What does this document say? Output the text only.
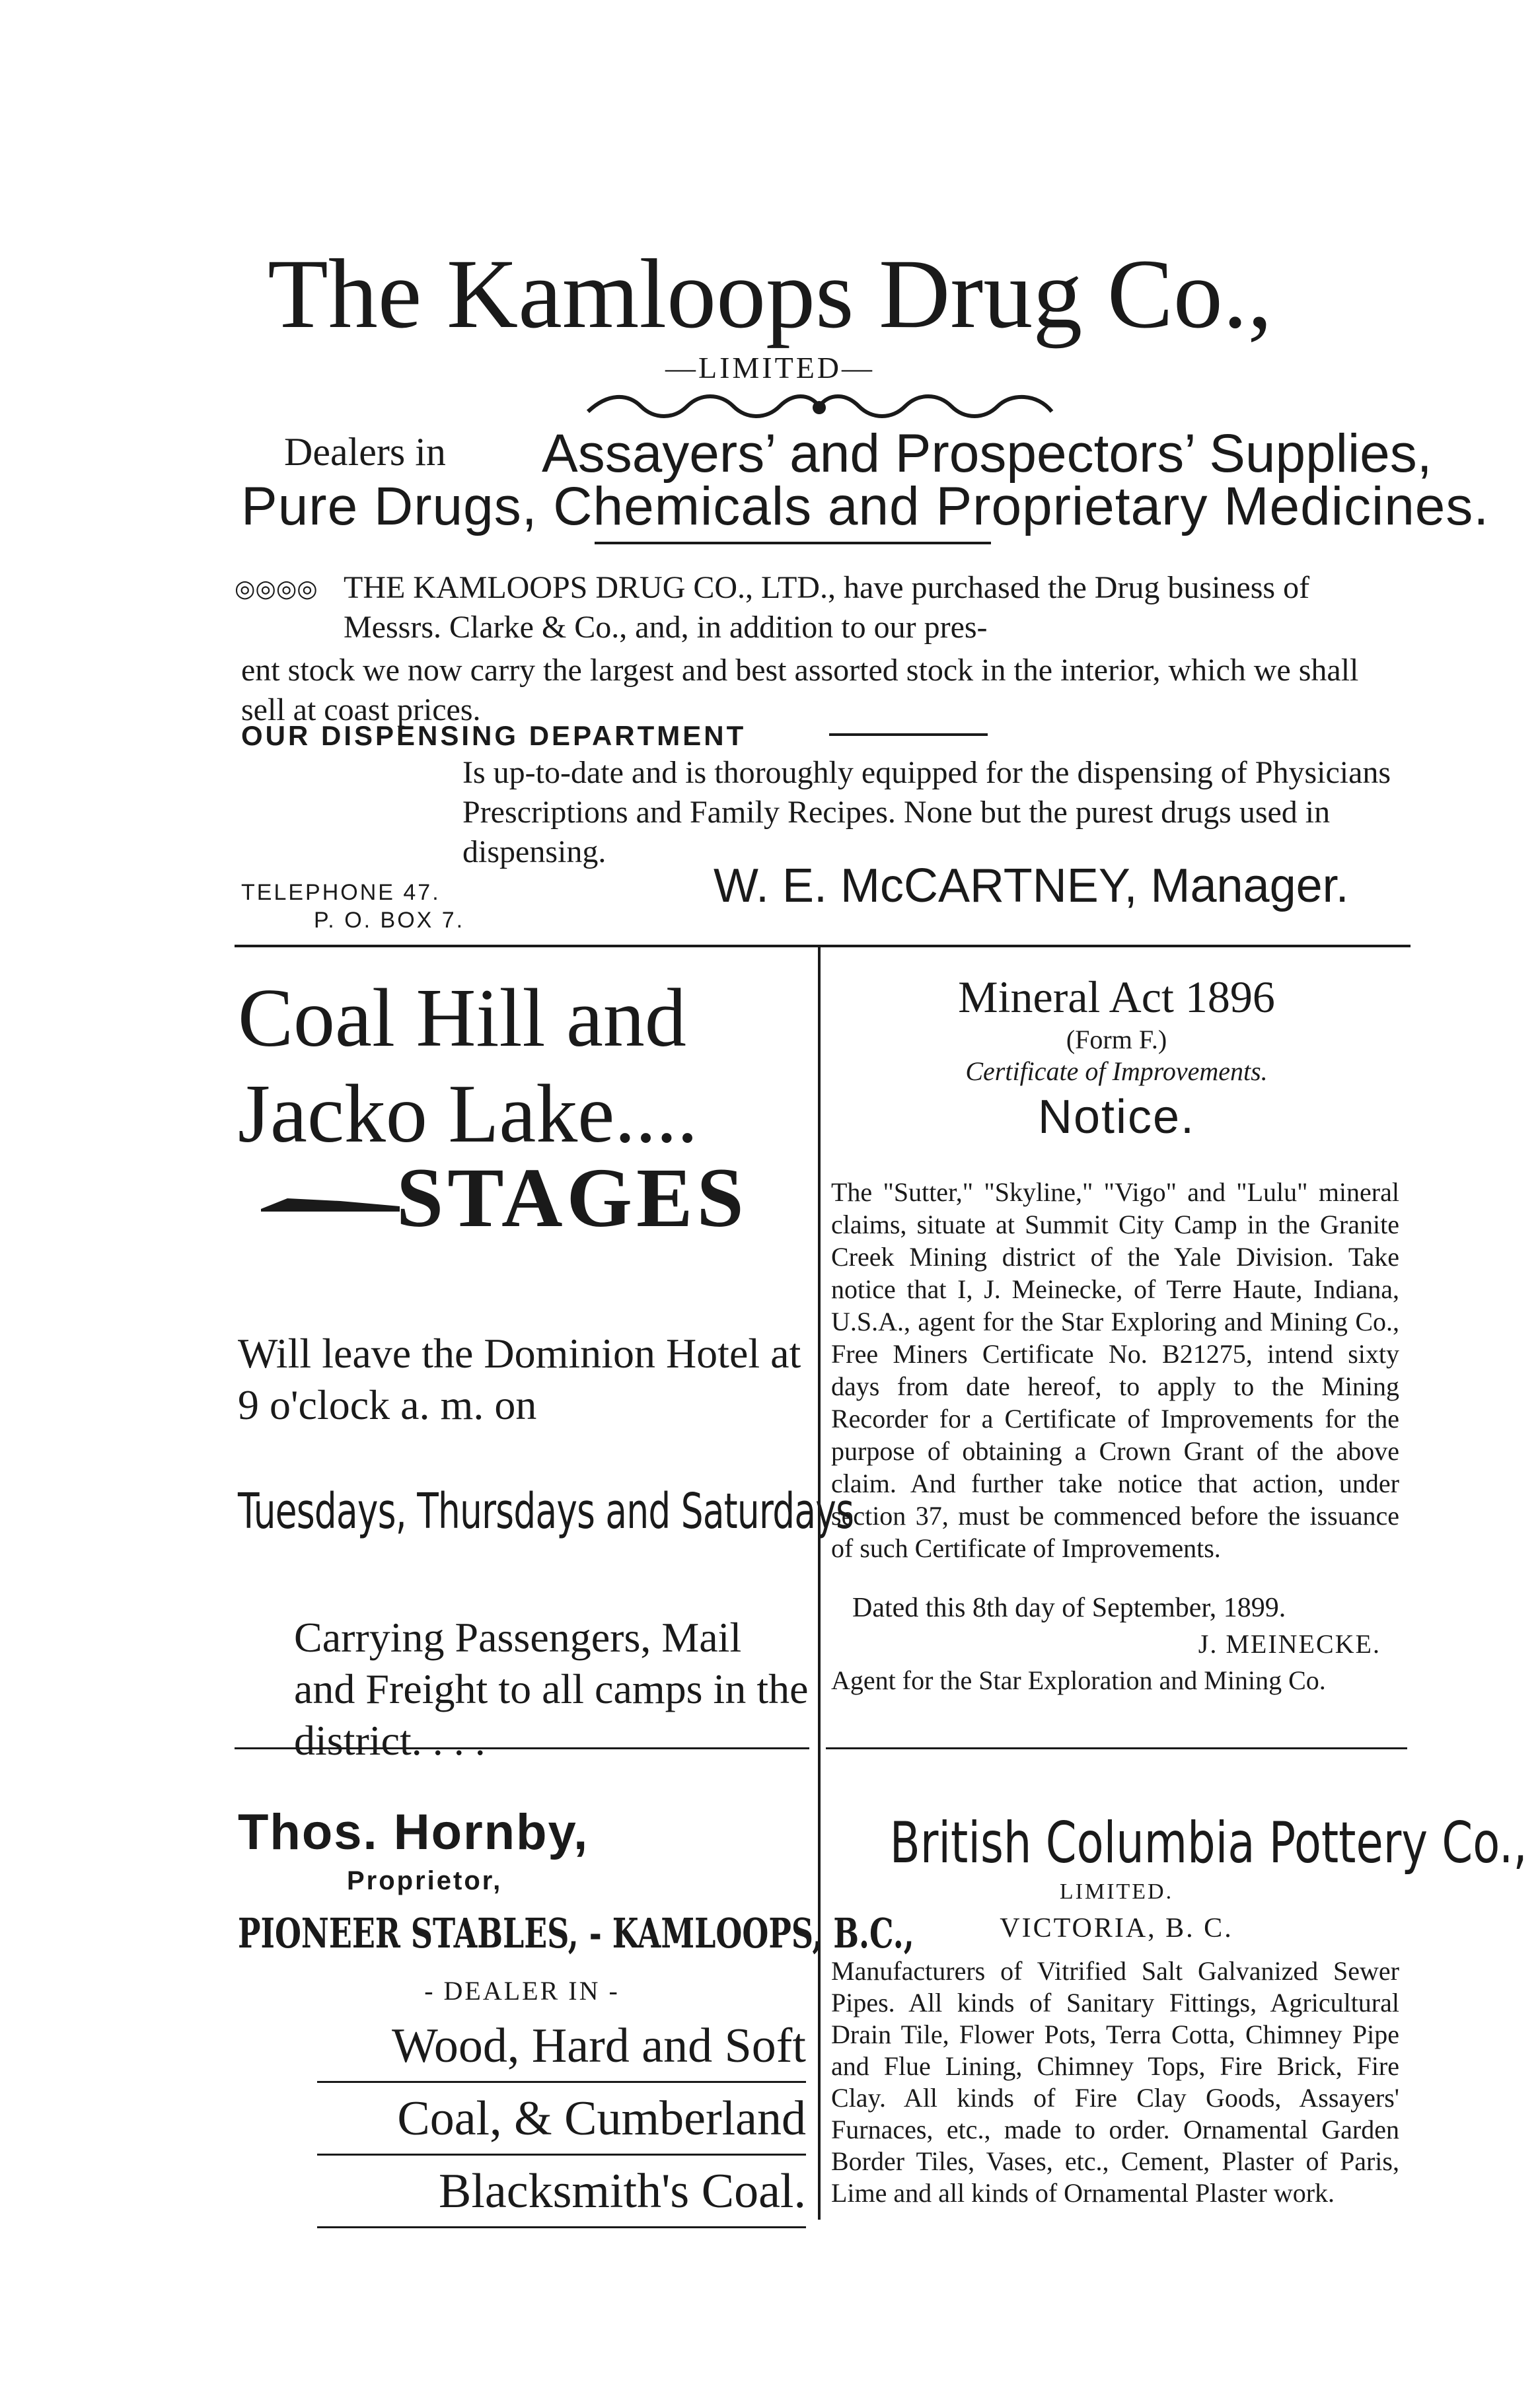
The Kamloops Drug Co.,
—LIMITED—
Dealers in Assayers’ and Prospectors’ Supplies,
Pure Drugs, Chemicals and Proprietary Medicines.
◎◎◎◎ THE KAMLOOPS DRUG CO., LTD., have purchased the Drug business of Messrs. Clarke & Co., and, in addition to our pres-
ent stock we now carry the largest and best assorted stock in the interior, which we shall sell at coast prices.
OUR DISPENSING DEPARTMENT
Is up-to-date and is thoroughly equipped for the dispensing of Physicians Prescriptions and Family Recipes. None but the purest drugs used in dispensing.
TELEPHONE 47.
P. O. BOX 7.
W. E. McCARTNEY, Manager.
Coal Hill and
Jacko Lake....
STAGES
Will leave the Dominion Hotel at 9 o'clock a. m. on
Tuesdays, Thursdays and Saturdays
Carrying Passengers, Mail and Freight to all camps in the district. . . .
Mineral Act 1896
(Form F.)
Certificate of Improvements.
Notice.
The "Sutter," "Skyline," "Vigo" and "Lulu" mineral claims, situate at Summit City Camp in the Granite Creek Mining district of the Yale Division. Take notice that I, J. Meinecke, of Terre Haute, Indiana, U.S.A., agent for the Star Exploring and Mining Co., Free Miners Certificate No. B21275, intend sixty days from date hereof, to apply to the Mining Recorder for a Certificate of Improvements for the purpose of obtaining a Crown Grant of the above claim. And further take notice that action, under section 37, must be commenced before the issuance of such Certificate of Improvements.
Dated this 8th day of September, 1899.
J. MEINECKE.
Agent for the Star Exploration and Mining Co.
Thos. Hornby,
Proprietor,
PIONEER STABLES, - KAMLOOPS, B.C.,
- DEALER IN -
Wood, Hard and Soft
Coal, & Cumberland
Blacksmith's Coal.
British Columbia Pottery Co.,
LIMITED.
VICTORIA, B. C.
Manufacturers of Vitrified Salt Galvanized Sewer Pipes. All kinds of Sanitary Fittings, Agricultural Drain Tile, Flower Pots, Terra Cotta, Chimney Pipe and Flue Lining, Chimney Tops, Fire Brick, Fire Clay. All kinds of Fire Clay Goods, Assayers' Furnaces, etc., made to order. Ornamental Garden Border Tiles, Vases, etc., Cement, Plaster of Paris, Lime and all kinds of Ornamental Plaster work.
